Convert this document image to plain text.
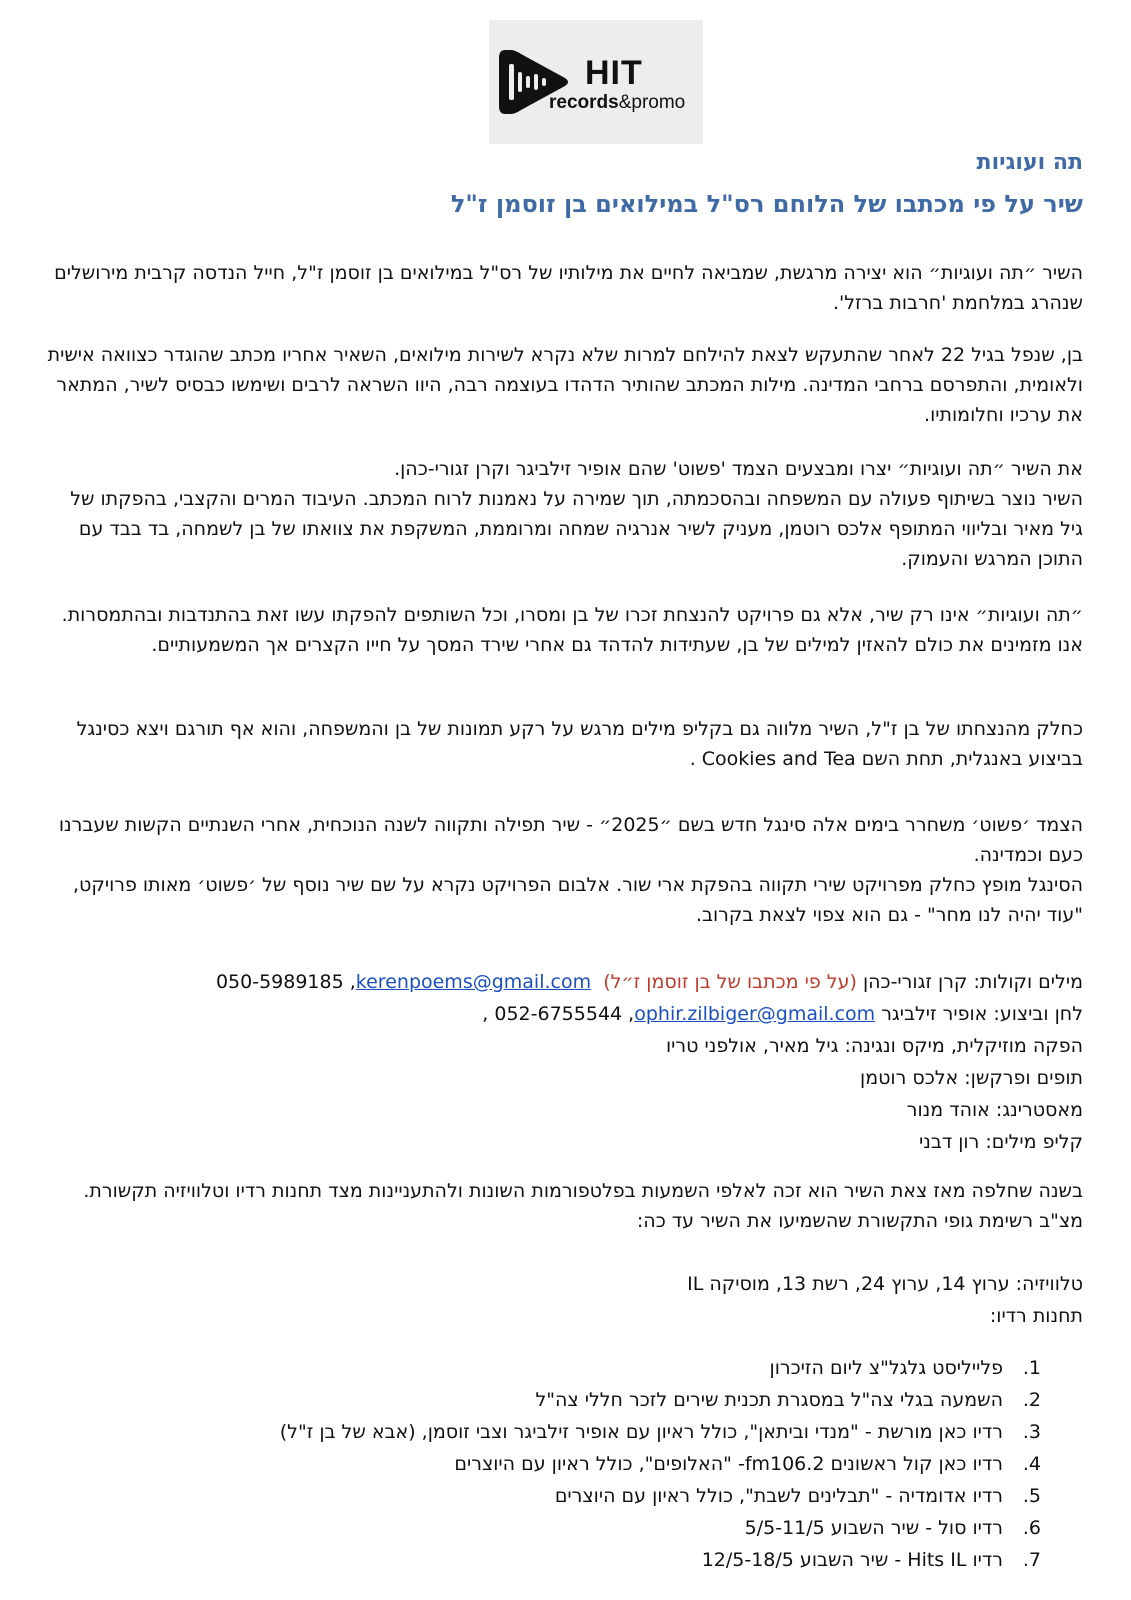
HIT
records&promo
תה ועוגיות
שיר על פי מכתבו של הלוחם רס"ל במילואים בן זוסמן ז"ל

השיר ״תה ועוגיות״ הוא יצירה מרגשת, שמביאה לחיים את מילותיו של רס"ל במילואים בן זוסמן ז"ל, חייל הנדסה קרבית מירושלים שנהרג במלחמת 'חרבות ברזל'.

בן, שנפל בגיל 22 לאחר שהתעקש לצאת להילחם למרות שלא נקרא לשירות מילואים, השאיר אחריו מכתב שהוגדר כצוואה אישית ולאומית, והתפרסם ברחבי המדינה. מילות המכתב שהותיר הדהדו בעוצמה רבה, היוו השראה לרבים ושימשו כבסיס לשיר, המתאר את ערכיו וחלומותיו.

את השיר ״תה ועוגיות״ יצרו ומבצעים הצמד 'פשוט' שהם אופיר זילביגר וקרן זגורי-כהן.

השיר נוצר בשיתוף פעולה עם המשפחה ובהסכמתה, תוך שמירה על נאמנות לרוח המכתב. העיבוד המרים והקצבי, בהפקתו של גיל מאיר ובליווי המתופף אלכס רוטמן, מעניק לשיר אנרגיה שמחה ומרוממת, המשקפת את צוואתו של בן לשמחה, בד בבד עם התוכן המרגש והעמוק.

״תה ועוגיות״ אינו רק שיר, אלא גם פרויקט להנצחת זכרו של בן ומסרו, וכל השותפים להפקתו עשו זאת בהתנדבות ובהתמסרות. אנו מזמינים את כולם להאזין למילים של בן, שעתידות להדהד גם אחרי שירד המסך על חייו הקצרים אך המשמעותיים.

כחלק מהנצחתו של בן ז"ל, השיר מלווה גם בקליפ מילים מרגש על רקע תמונות של בן והמשפחה, והוא אף תורגם ויצא כסינגל בביצוע באנגלית, תחת השם Cookies and Tea .

הצמד ׳פשוט׳ משחרר בימים אלה סינגל חדש בשם ״2025״ - שיר תפילה ותקווה לשנה הנוכחית, אחרי השנתיים הקשות שעברנו כעם וכמדינה.

הסינגל מופץ כחלק מפרויקט שירי תקווה בהפקת ארי שור. אלבום הפרויקט נקרא על שם שיר נוסף של ׳פשוט׳ מאותו פרויקט, "עוד יהיה לנו מחר" - גם הוא צפוי לצאת בקרוב.

מילים וקולות: קרן זגורי-כהן (על פי מכתבו של בן זוסמן ז״ל)  kerenpoems@gmail.com, 050-5989185
לחן וביצוע: אופיר זילביגר ophir.zilbiger@gmail.com, 052-6755544 ,
הפקה מוזיקלית, מיקס ונגינה: גיל מאיר, אולפני טריו
תופים ופרקשן: אלכס רוטמן
מאסטרינג: אוהד מנור
קליפ מילים: רון דבני

בשנה שחלפה מאז צאת השיר הוא זכה לאלפי השמעות בפלטפורמות השונות ולהתעניינות מצד תחנות רדיו וטלוויזיה תקשורת. מצ"ב רשימת גופי התקשורת שהשמיעו את השיר עד כה:

טלוויזיה: ערוץ 14, ערוץ 24, רשת 13, מוסיקה IL
תחנות רדיו:
1.פלייליסט גלגל"צ ליום הזיכרון
2.השמעה בגלי צה"ל במסגרת תכנית שירים לזכר חללי צה"ל
3.רדיו כאן מורשת - "מנדי וביתאן", כולל ראיון עם אופיר זילביגר וצבי זוסמן, (אבא של בן ז"ל)
4.רדיו כאן קול ראשונים fm106.2- "האלופים", כולל ראיון עם היוצרים
5.רדיו אדומדיה - "תבלינים לשבת", כולל ראיון עם היוצרים
6.רדיו סול - שיר השבוע 5/5-11/5
7.רדיו Hits IL - שיר השבוע 12/5-18/5
